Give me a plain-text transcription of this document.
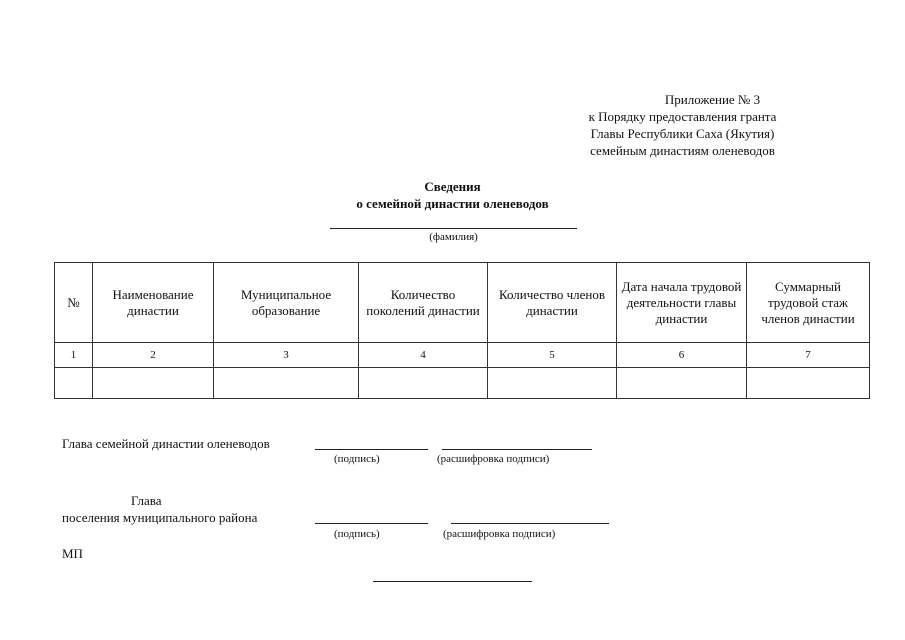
Приложение № 3
к Порядку предоставления гранта
Главы Республики Саха (Якутия)
семейным династиям оленеводов
Сведения
о семейной династии оленеводов
(фамилия)
№	Наименование династии	Муниципальное образование	Количество поколений династии	Количество членов династии	Дата начала трудовой деятельности главы династии	Суммарный трудовой стаж членов династии
1	2	3	4	5	6	7

Глава семейной династии оленеводов
(подпись)	(расшифровка подписи)
Глава
поселения муниципального района
(подпись)	(расшифровка подписи)
МП
